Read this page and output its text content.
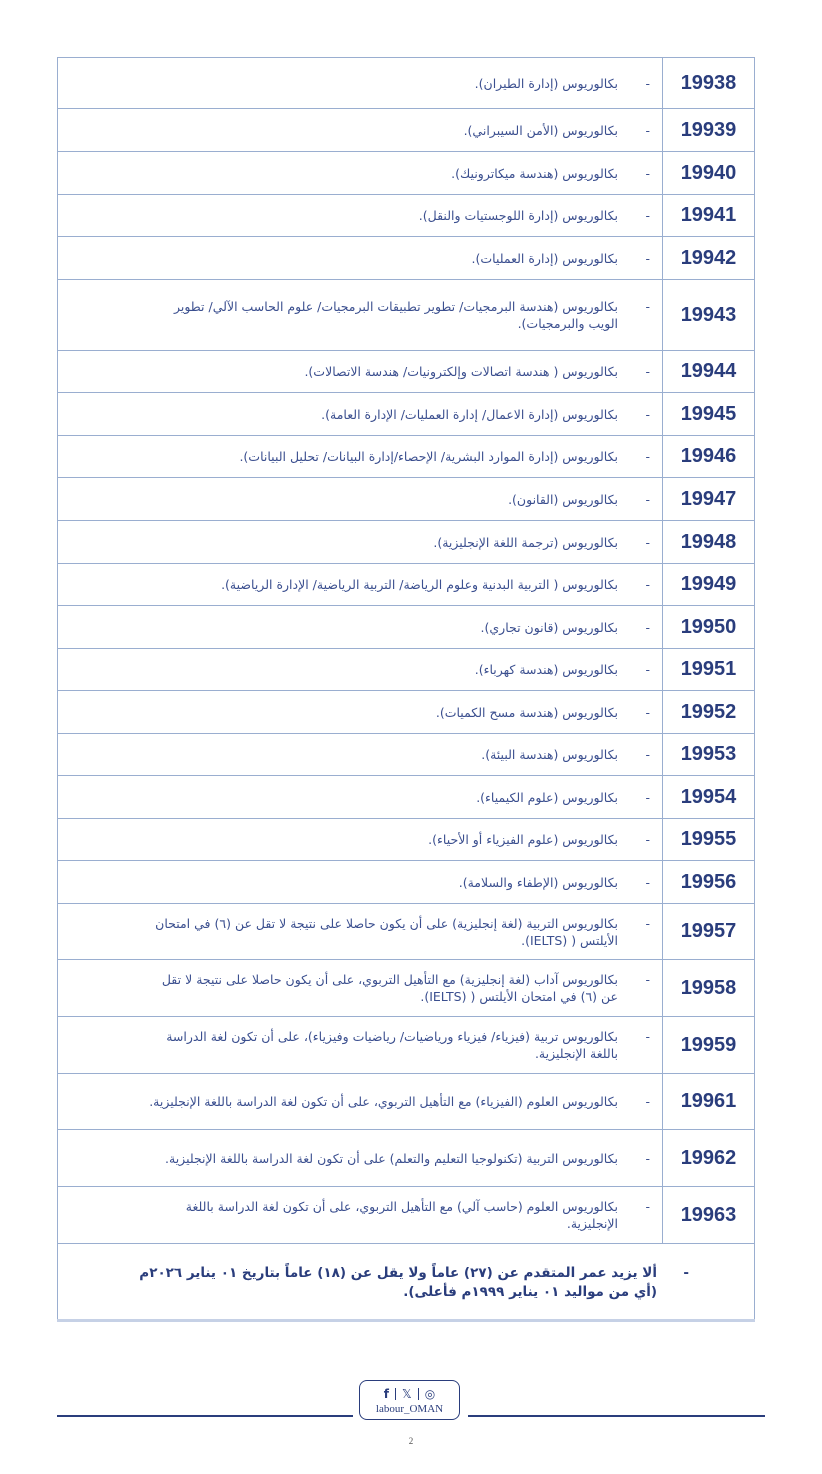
-
بكالوريوس (إدارة الطيران).	19938

-
بكالوريوس (الأمن السيبراني).	19939

-
بكالوريوس (هندسة ميكاترونيك).	19940

-
بكالوريوس (إدارة اللوجستيات والنقل).	19941

-
بكالوريوس (إدارة العمليات).	19942

-
بكالوريوس (هندسة البرمجيات/ تطوير تطبيقات البرمجيات/ علوم الحاسب الآلي/ تطوير الويب والبرمجيات).	19943

-
بكالوريوس ( هندسة اتصالات وإلكترونيات/ هندسة الاتصالات).	19944

-
بكالوريوس (إدارة الاعمال/ إدارة العمليات/ الإدارة العامة).	19945

-
بكالوريوس (إدارة الموارد البشرية/ الإحصاء/إدارة البيانات/ تحليل البيانات).	19946

-
بكالوريوس (القانون).	19947

-
بكالوريوس (ترجمة اللغة الإنجليزية).	19948

-
بكالوريوس ( التربية البدنية وعلوم الرياضة/ التربية الرياضية/ الإدارة الرياضية).	19949

-
بكالوريوس (قانون تجاري).	19950

-
بكالوريوس (هندسة كهرباء).	19951

-
بكالوريوس (هندسة مسح الكميات).	19952

-
بكالوريوس (هندسة البيئة).	19953

-
بكالوريوس (علوم الكيمياء).	19954

-
بكالوريوس (علوم الفيزياء أو الأحياء).	19955

-
بكالوريوس (الإطفاء والسلامة).	19956

-
بكالوريوس التربية (لغة إنجليزية) على أن يكون حاصلا على نتيجة لا تقل عن (٦) في امتحان الأيلتس ( (IELTS).	19957

-
بكالوريوس آداب (لغة إنجليزية) مع التأهيل التربوي، على أن يكون حاصلا على نتيجة لا تقل عن (٦) في امتحان الأيلتس ( (IELTS).	19958

-
بكالوريوس تربية (فيزياء/ فيزياء ورياضيات/ رياضيات وفيزياء)، على أن تكون لغة الدراسة باللغة الإنجليزية.	19959

-
بكالوريوس العلوم (الفيزياء) مع التأهيل التربوي، على أن تكون لغة الدراسة باللغة الإنجليزية.	19961

-
بكالوريوس التربية (تكنولوجيا التعليم والتعلم) على أن تكون لغة الدراسة باللغة الإنجليزية.	19962

-
بكالوريوس العلوم (حاسب آلي) مع التأهيل التربوي، على أن تكون لغة الدراسة باللغة الإنجليزية.	19963

-
ألا يزيد عمر المتقدم عن (٢٧) عاماً ولا يقل عن (١٨) عاماً بتاريخ ٠١ يناير ٢٠٢٦م (أي من مواليد ٠١ يناير ١٩٩٩م فأعلى).	
f 𝕏 ◎
labour_OMAN
2
